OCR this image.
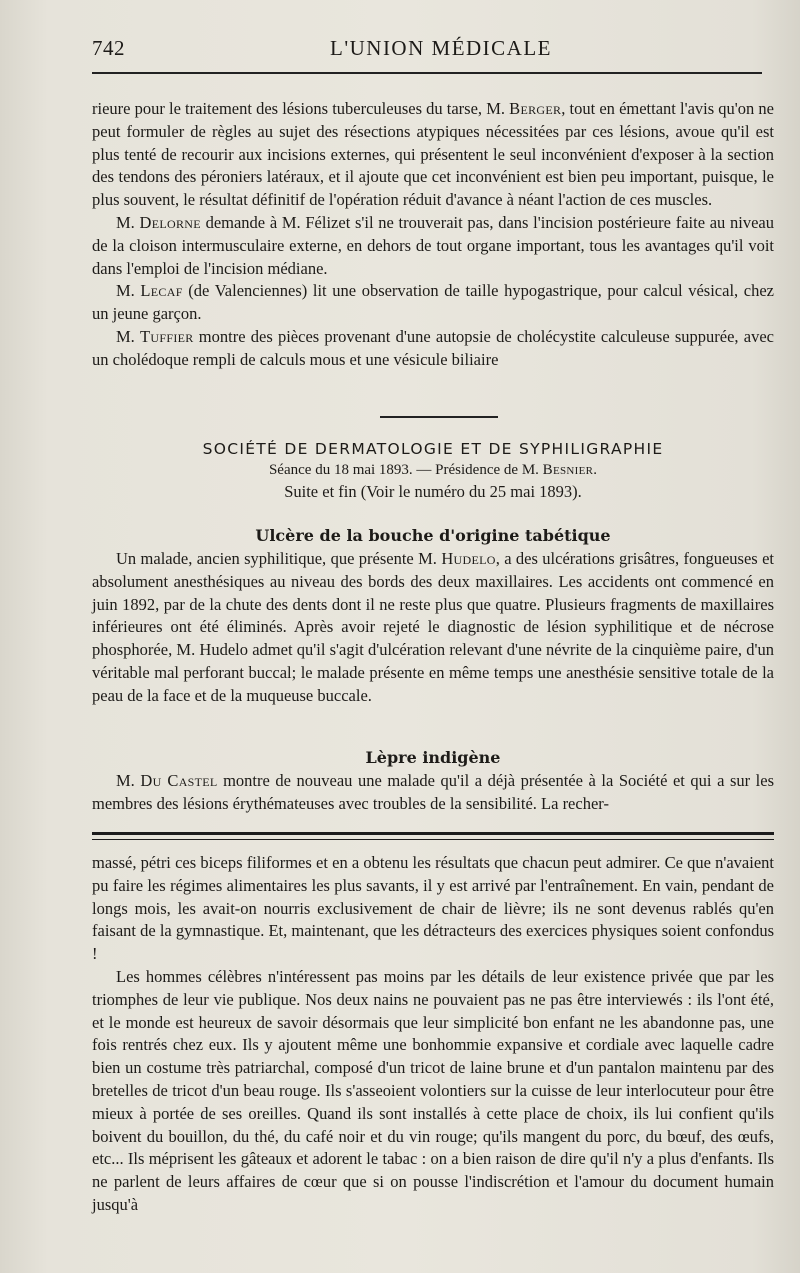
742	L'UNION MÉDICALE

rieure pour le traitement des lésions tuberculeuses du tarse, M. Berger, tout en émettant l'avis qu'on ne peut formuler de règles au sujet des résections atypiques nécessitées par ces lésions, avoue qu'il est plus tenté de recourir aux incisions externes, qui présentent le seul inconvénient d'exposer à la section des tendons des péroniers latéraux, et il ajoute que cet inconvénient est bien peu important, puisque, le plus souvent, le résultat définitif de l'opération réduit d'avance à néant l'action de ces muscles.

M. Delorne demande à M. Félizet s'il ne trouverait pas, dans l'incision postérieure faite au niveau de la cloison intermusculaire externe, en dehors de tout organe important, tous les avantages qu'il voit dans l'emploi de l'incision médiane.

M. Lecaf (de Valenciennes) lit une observation de taille hypogastrique, pour calcul vésical, chez un jeune garçon.

M. Tuffier montre des pièces provenant d'une autopsie de cholécystite calculeuse suppurée, avec un cholédoque rempli de calculs mous et une vésicule biliaire

SOCIÉTÉ DE DERMATOLOGIE ET DE SYPHILIGRAPHIE
Séance du 18 mai 1893. — Présidence de M. Besnier.
Suite et fin (Voir le numéro du 25 mai 1893).
Ulcère de la bouche d'origine tabétique

Un malade, ancien syphilitique, que présente M. Hudelo, a des ulcérations grisâtres, fongueuses et absolument anesthésiques au niveau des bords des deux maxillaires. Les accidents ont commencé en juin 1892, par de la chute des dents dont il ne reste plus que quatre. Plusieurs fragments de maxillaires inférieures ont été éliminés. Après avoir rejeté le diagnostic de lésion syphilitique et de nécrose phosphorée, M. Hudelo admet qu'il s'agit d'ulcération relevant d'une névrite de la cinquième paire, d'un véritable mal perforant buccal; le malade présente en même temps une anesthésie sensitive totale de la peau de la face et de la muqueuse buccale.

Lèpre indigène

M. Du Castel montre de nouveau une malade qu'il a déjà présentée à la Société et qui a sur les membres des lésions érythémateuses avec troubles de la sensibilité. La recher-

massé, pétri ces biceps filiformes et en a obtenu les résultats que chacun peut admirer. Ce que n'avaient pu faire les régimes alimentaires les plus savants, il y est arrivé par l'entraînement. En vain, pendant de longs mois, les avait-on nourris exclusivement de chair de lièvre; ils ne sont devenus rablés qu'en faisant de la gymnastique. Et, maintenant, que les détracteurs des exercices physiques soient confondus !

Les hommes célèbres n'intéressent pas moins par les détails de leur existence privée que par les triomphes de leur vie publique. Nos deux nains ne pouvaient pas ne pas être interviewés : ils l'ont été, et le monde est heureux de savoir désormais que leur simplicité bon enfant ne les abandonne pas, une fois rentrés chez eux. Ils y ajoutent même une bonhommie expansive et cordiale avec laquelle cadre bien un costume très patriarchal, composé d'un tricot de laine brune et d'un pantalon maintenu par des bretelles de tricot d'un beau rouge. Ils s'asseoient volontiers sur la cuisse de leur interlocuteur pour être mieux à portée de ses oreilles. Quand ils sont installés à cette place de choix, ils lui confient qu'ils boivent du bouillon, du thé, du café noir et du vin rouge; qu'ils mangent du porc, du bœuf, des œufs, etc... Ils méprisent les gâteaux et adorent le tabac : on a bien raison de dire qu'il n'y a plus d'enfants. Ils ne parlent de leurs affaires de cœur que si on pousse l'indiscrétion et l'amour du document humain jusqu'à
